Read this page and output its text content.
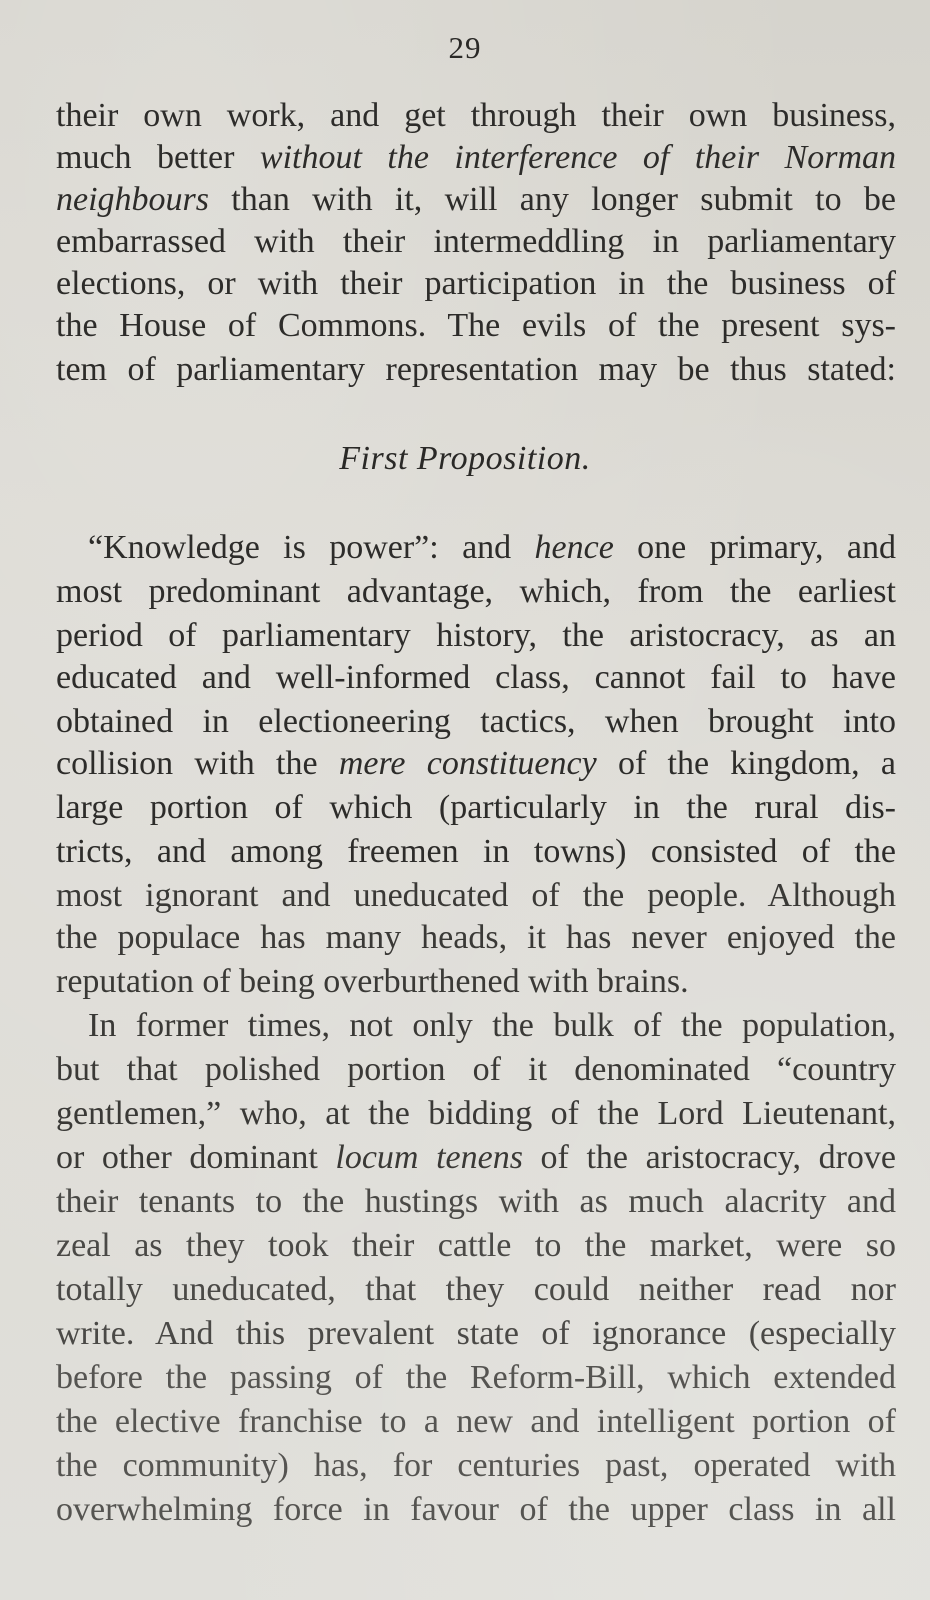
29
their own work, and get through their own business,
much better without the interference of their Norman
neighbours than with it, will any longer submit to be
embarrassed with their intermeddling in parliamentary
elections, or with their participation in the business of
the House of Commons. The evils of the present sys-
tem of parliamentary representation may be thus stated:
First Proposition.
“Knowledge is power”: and hence one primary, and
most predominant advantage, which, from the earliest
period of parliamentary history, the aristocracy, as an
educated and well-informed class, cannot fail to have
obtained in electioneering tactics, when brought into
collision with the mere constituency of the kingdom, a
large portion of which (particularly in the rural dis-
tricts, and among freemen in towns) consisted of the
most ignorant and uneducated of the people. Although
the populace has many heads, it has never enjoyed the
reputation of being overburthened with brains.
In former times, not only the bulk of the population,
but that polished portion of it denominated “country
gentlemen,” who, at the bidding of the Lord Lieutenant,
or other dominant locum tenens of the aristocracy, drove
their tenants to the hustings with as much alacrity and
zeal as they took their cattle to the market, were so
totally uneducated, that they could neither read nor
write. And this prevalent state of ignorance (especially
before the passing of the Reform-Bill, which extended
the elective franchise to a new and intelligent portion of
the community) has, for centuries past, operated with
overwhelming force in favour of the upper class in all
